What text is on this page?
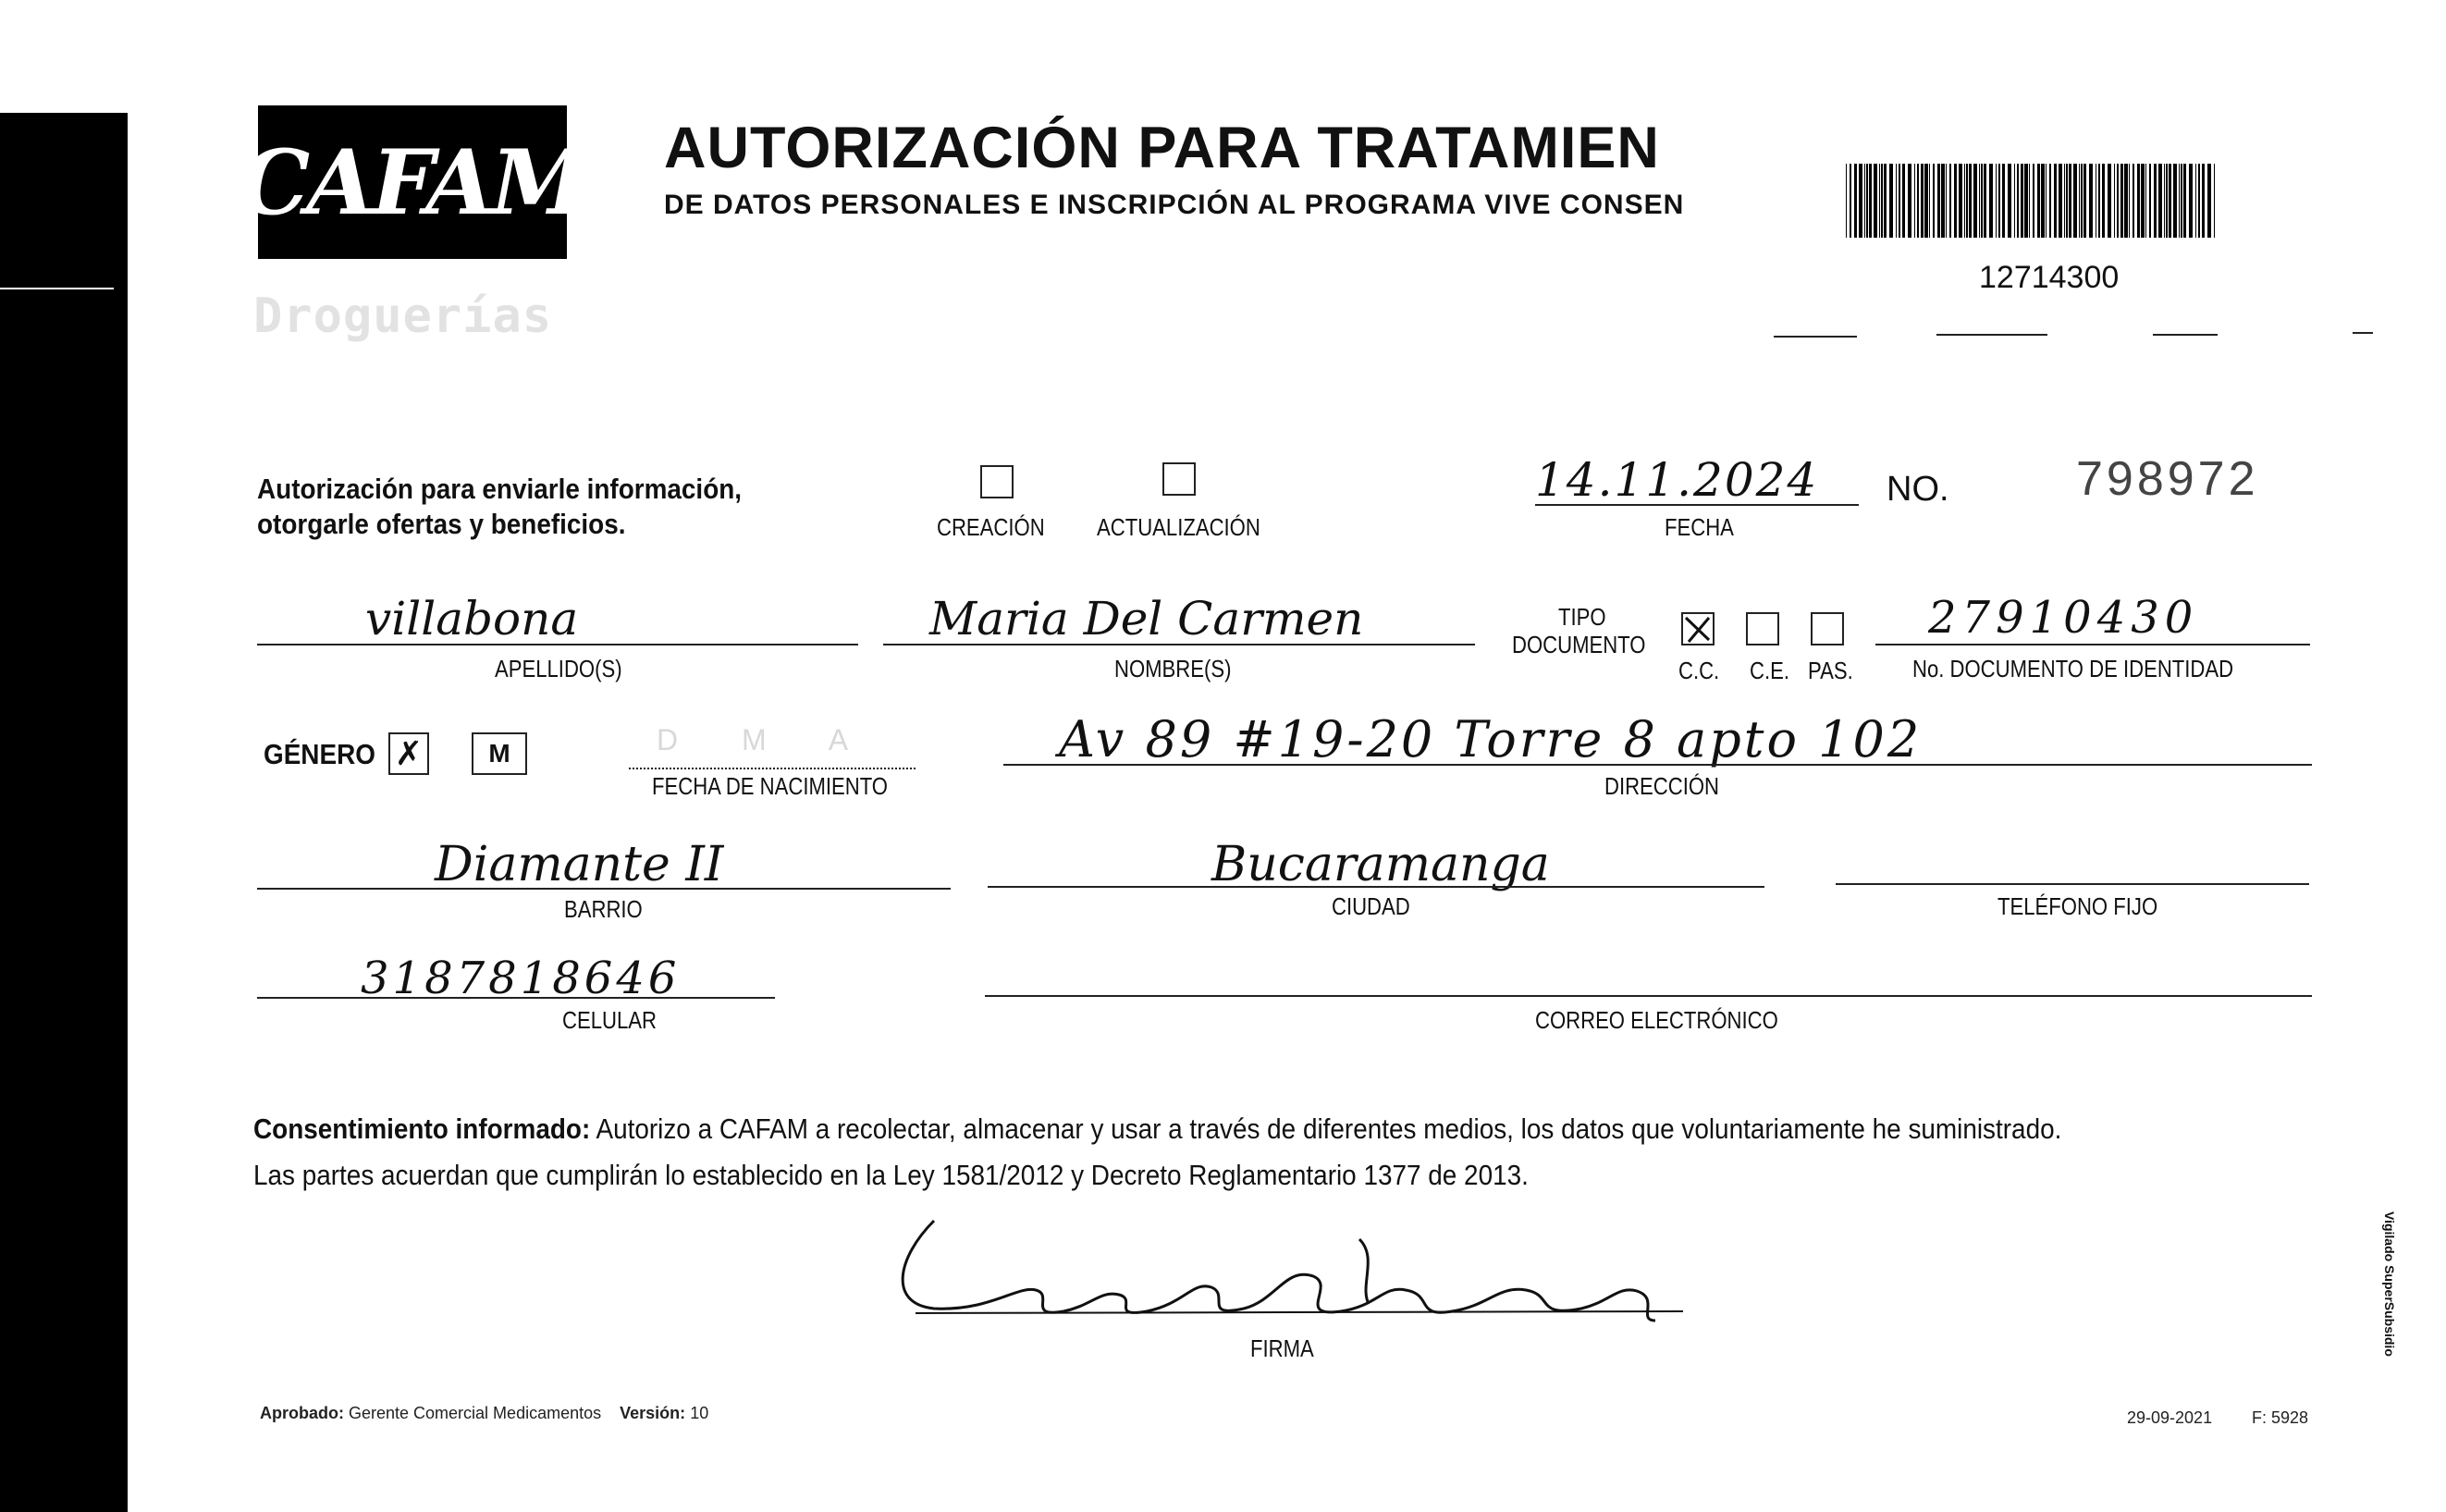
CAFAM
Droguerías
AUTORIZACIÓN PARA TRATAMIEN
DE DATOS PERSONALES E INSCRIPCIÓN AL PROGRAMA VIVE CONSEN
12714300
Autorización para enviarle información,
otorgarle ofertas y beneficios.	CREACIÓN ACTUALIZACIÓN
14.11.2024
FECHA
NO.	798972
villabona
APELLIDO(S)
Maria Del Carmen
NOMBRE(S)
TIPO
DOCUMENTO
C.C. C.E. PAS.
27910430
No. DOCUMENTO DE IDENTIDAD
GÉNERO ✗	M	D M A
FECHA DE NACIMIENTO
Av 89 #19-20 Torre 8 apto 102
DIRECCIÓN
Diamante II
BARRIO
Bucaramanga
CIUDAD	TELÉFONO FIJO
3187818646
CELULAR	CORREO ELECTRÓNICO
Consentimiento informado: Autorizo a CAFAM a recolectar, almacenar y usar a través de diferentes medios, los datos que voluntariamente he suministrado. Las partes acuerdan que cumplirán lo establecido en la Ley 1581/2012 y Decreto Reglamentario 1377 de 2013.
FIRMA
Aprobado: Gerente Comercial Medicamentos Versión: 10	29-09-2021 F: 5928
Vigilado SuperSubsidio
